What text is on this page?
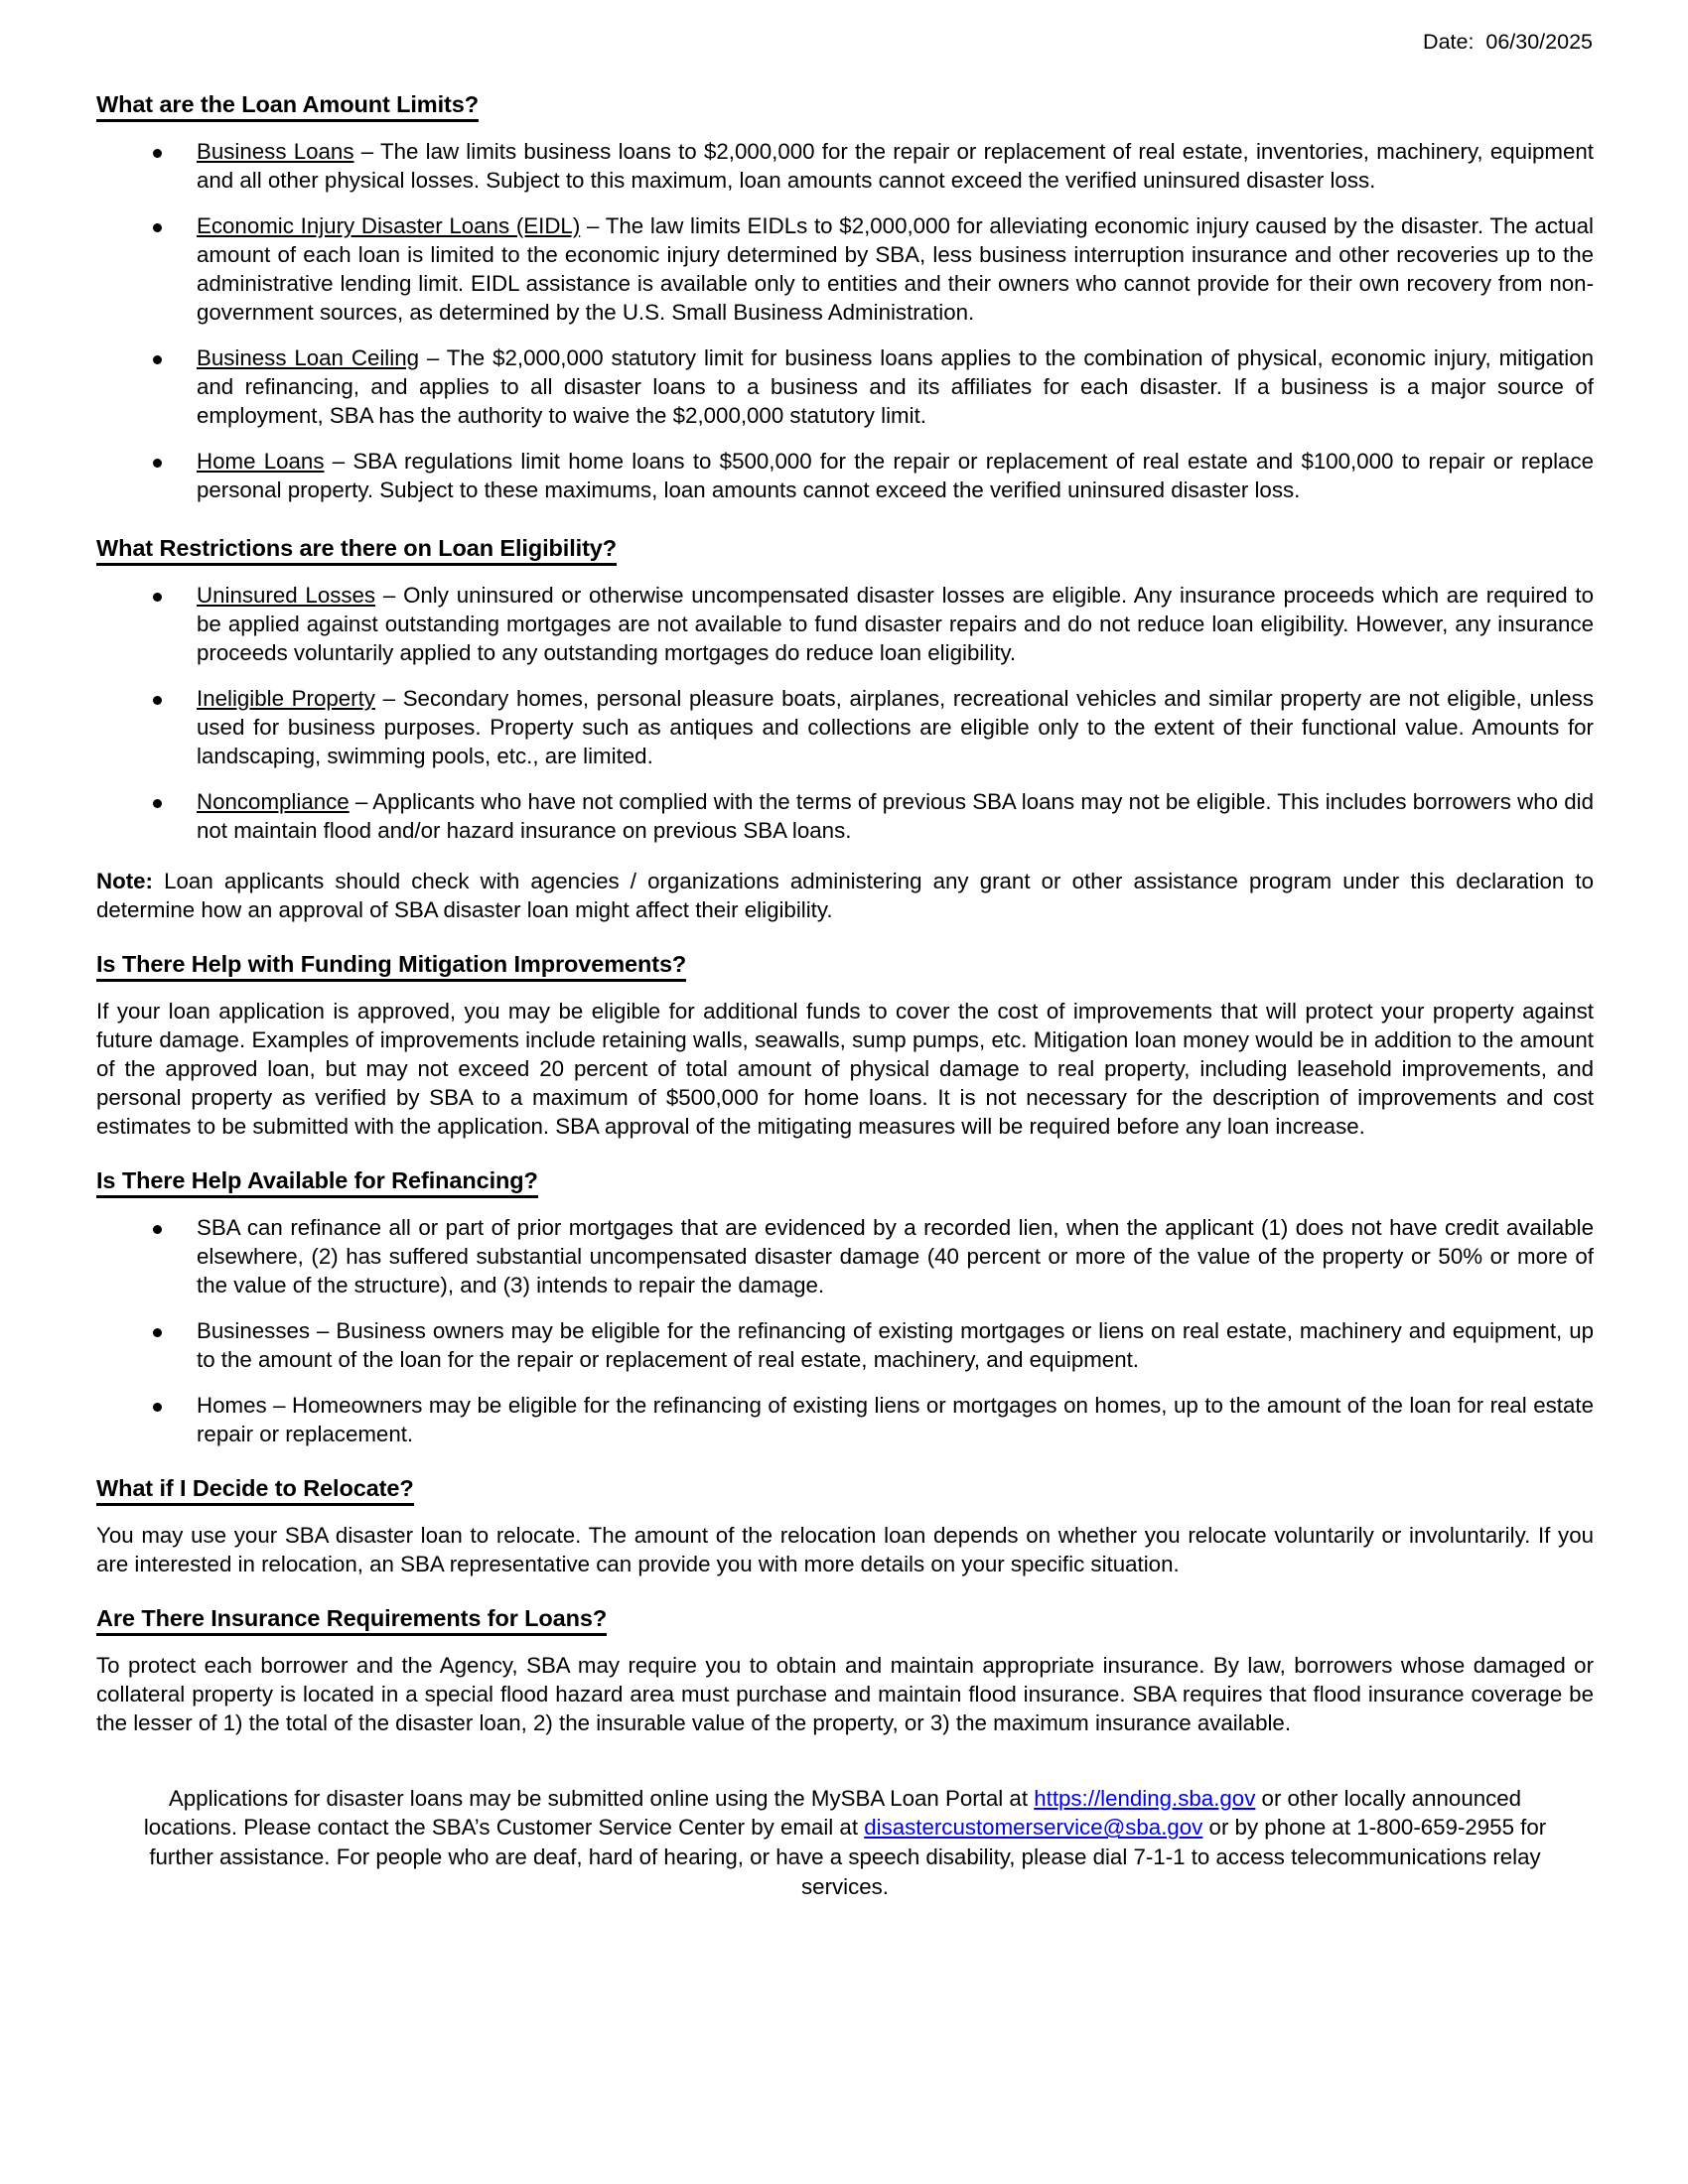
Date:  06/30/2025
What are the Loan Amount Limits?
Business Loans – The law limits business loans to $2,000,000 for the repair or replacement of real estate, inventories, machinery, equipment and all other physical losses. Subject to this maximum, loan amounts cannot exceed the verified uninsured disaster loss.
Economic Injury Disaster Loans (EIDL) – The law limits EIDLs to $2,000,000 for alleviating economic injury caused by the disaster. The actual amount of each loan is limited to the economic injury determined by SBA, less business interruption insurance and other recoveries up to the administrative lending limit. EIDL assistance is available only to entities and their owners who cannot provide for their own recovery from non-government sources, as determined by the U.S. Small Business Administration.
Business Loan Ceiling – The $2,000,000 statutory limit for business loans applies to the combination of physical, economic injury, mitigation and refinancing, and applies to all disaster loans to a business and its affiliates for each disaster. If a business is a major source of employment, SBA has the authority to waive the $2,000,000 statutory limit.
Home Loans – SBA regulations limit home loans to $500,000 for the repair or replacement of real estate and $100,000 to repair or replace personal property. Subject to these maximums, loan amounts cannot exceed the verified uninsured disaster loss.
What Restrictions are there on Loan Eligibility?
Uninsured Losses – Only uninsured or otherwise uncompensated disaster losses are eligible. Any insurance proceeds which are required to be applied against outstanding mortgages are not available to fund disaster repairs and do not reduce loan eligibility. However, any insurance proceeds voluntarily applied to any outstanding mortgages do reduce loan eligibility.
Ineligible Property – Secondary homes, personal pleasure boats, airplanes, recreational vehicles and similar property are not eligible, unless used for business purposes. Property such as antiques and collections are eligible only to the extent of their functional value. Amounts for landscaping, swimming pools, etc., are limited.
Noncompliance – Applicants who have not complied with the terms of previous SBA loans may not be eligible. This includes borrowers who did not maintain flood and/or hazard insurance on previous SBA loans.

Note: Loan applicants should check with agencies / organizations administering any grant or other assistance program under this declaration to determine how an approval of SBA disaster loan might affect their eligibility.

Is There Help with Funding Mitigation Improvements?

If your loan application is approved, you may be eligible for additional funds to cover the cost of improvements that will protect your property against future damage. Examples of improvements include retaining walls, seawalls, sump pumps, etc. Mitigation loan money would be in addition to the amount of the approved loan, but may not exceed 20 percent of total amount of physical damage to real property, including leasehold improvements, and personal property as verified by SBA to a maximum of $500,000 for home loans. It is not necessary for the description of improvements and cost estimates to be submitted with the application. SBA approval of the mitigating measures will be required before any loan increase.

Is There Help Available for Refinancing?
SBA can refinance all or part of prior mortgages that are evidenced by a recorded lien, when the applicant (1) does not have credit available elsewhere, (2) has suffered substantial uncompensated disaster damage (40 percent or more of the value of the property or 50% or more of the value of the structure), and (3) intends to repair the damage.
Businesses – Business owners may be eligible for the refinancing of existing mortgages or liens on real estate, machinery and equipment, up to the amount of the loan for the repair or replacement of real estate, machinery, and equipment.
Homes – Homeowners may be eligible for the refinancing of existing liens or mortgages on homes, up to the amount of the loan for real estate repair or replacement.
What if I Decide to Relocate?

You may use your SBA disaster loan to relocate. The amount of the relocation loan depends on whether you relocate voluntarily or involuntarily. If you are interested in relocation, an SBA representative can provide you with more details on your specific situation.

Are There Insurance Requirements for Loans?

To protect each borrower and the Agency, SBA may require you to obtain and maintain appropriate insurance. By law, borrowers whose damaged or collateral property is located in a special flood hazard area must purchase and maintain flood insurance. SBA requires that flood insurance coverage be the lesser of 1) the total of the disaster loan, 2) the insurable value of the property, or 3) the maximum insurance available.

Applications for disaster loans may be submitted online using the MySBA Loan Portal at https://lending.sba.gov or other locally announced locations. Please contact the SBA’s Customer Service Center by email at disastercustomerservice@sba.gov or by phone at 1-800-659-2955 for further assistance. For people who are deaf, hard of hearing, or have a speech disability, please dial 7-1-1 to access telecommunications relay services.
